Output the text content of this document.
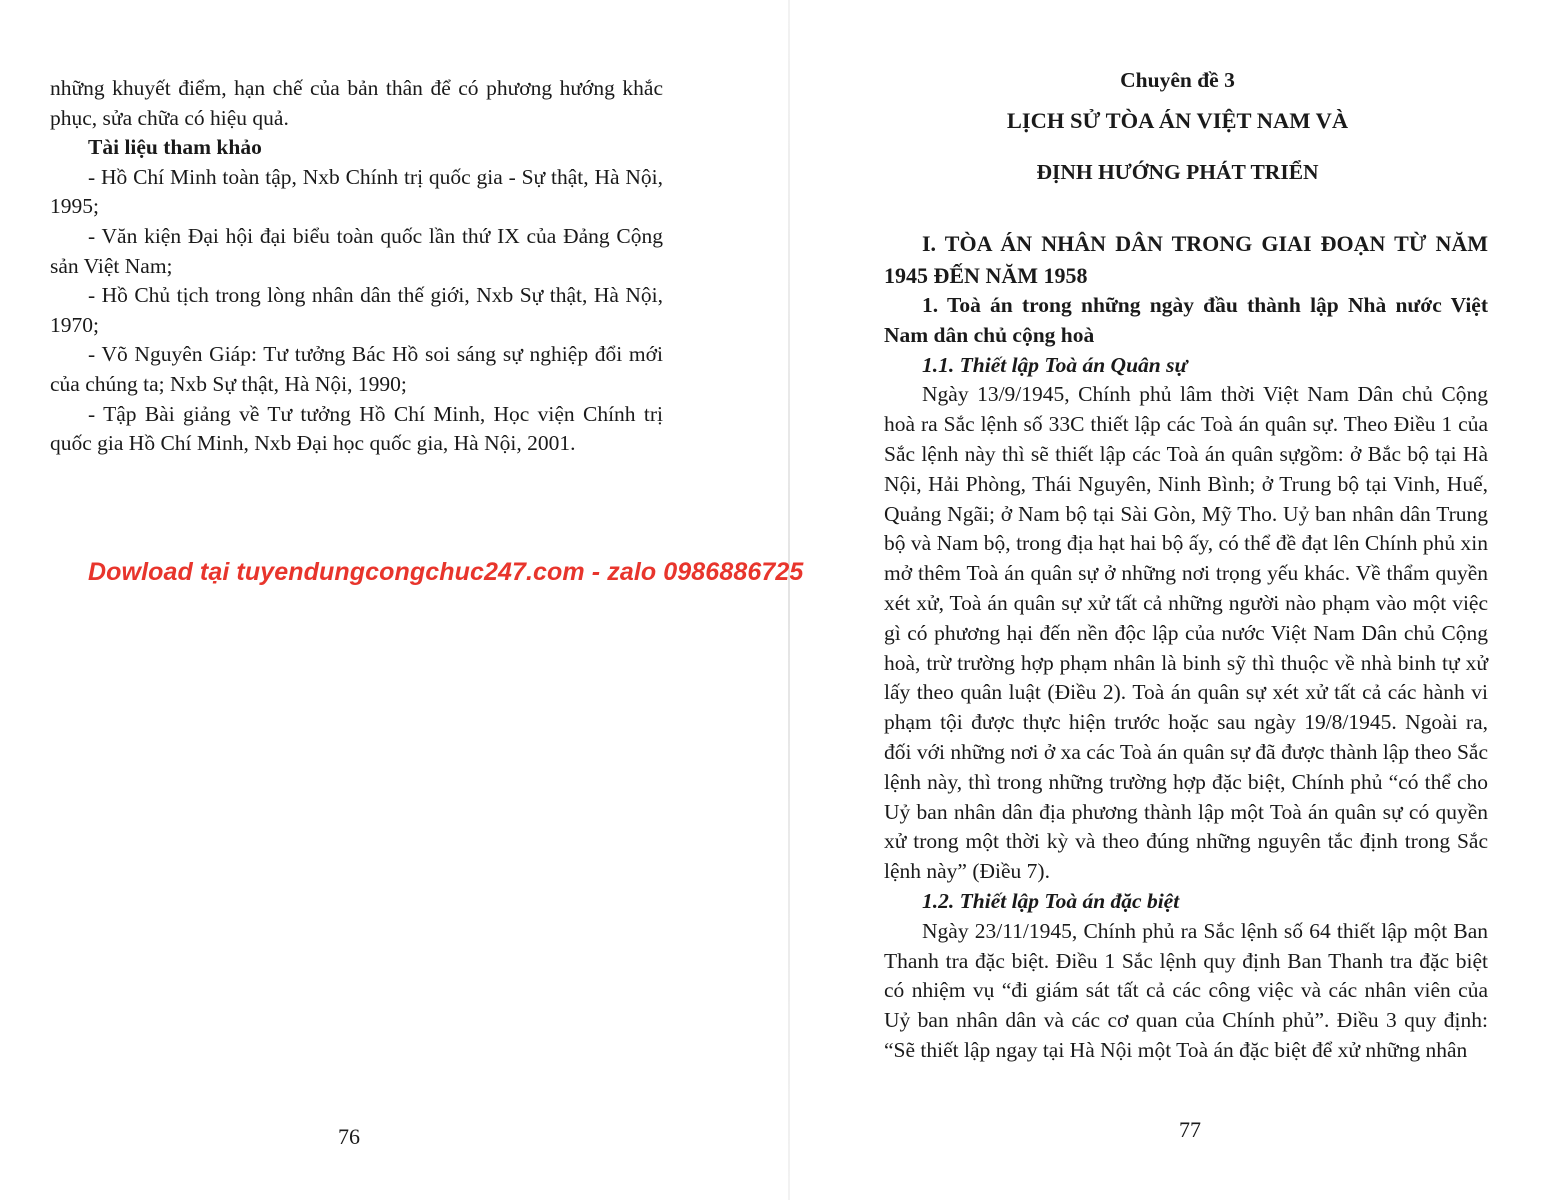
những khuyết điểm, hạn chế của bản thân để có phương hướng khắc phục, sửa chữa có hiệu quả.

Tài liệu tham khảo

- Hồ Chí Minh toàn tập, Nxb Chính trị quốc gia - Sự thật, Hà Nội, 1995;

- Văn kiện Đại hội đại biểu toàn quốc lần thứ IX của Đảng Cộng sản Việt Nam;

- Hồ Chủ tịch trong lòng nhân dân thế giới, Nxb Sự thật, Hà Nội, 1970;

- Võ Nguyên Giáp: Tư tưởng Bác Hồ soi sáng sự nghiệp đổi mới của chúng ta; Nxb Sự thật, Hà Nội, 1990;

- Tập Bài giảng về Tư tưởng Hồ Chí Minh, Học viện Chính trị quốc gia Hồ Chí Minh, Nxb Đại học quốc gia, Hà Nội, 2001.

76
Dowload tại tuyendungcongchuc247.com - zalo 0986886725
Chuyên đề 3
LỊCH SỬ TÒA ÁN VIỆT NAM VÀ
ĐỊNH HƯỚNG PHÁT TRIỂN

I. TÒA ÁN NHÂN DÂN TRONG GIAI ĐOẠN TỪ NĂM 1945 ĐẾN NĂM 1958

1. Toà án trong những ngày đầu thành lập Nhà nước Việt Nam dân chủ cộng hoà

1.1. Thiết lập Toà án Quân sự

Ngày 13/9/1945, Chính phủ lâm thời Việt Nam Dân chủ Cộng hoà ra Sắc lệnh số 33C thiết lập các Toà án quân sự. Theo Điều 1 của Sắc lệnh này thì sẽ thiết lập các Toà án quân sựgồm: ở Bắc bộ tại Hà Nội, Hải Phòng, Thái Nguyên, Ninh Bình; ở Trung bộ tại Vinh, Huế, Quảng Ngãi; ở Nam bộ tại Sài Gòn, Mỹ Tho. Uỷ ban nhân dân Trung bộ và Nam bộ, trong địa hạt hai bộ ấy, có thể đề đạt lên Chính phủ xin mở thêm Toà án quân sự ở những nơi trọng yếu khác. Về thẩm quyền xét xử, Toà án quân sự xử tất cả những người nào phạm vào một việc gì có phương hại đến nền độc lập của nước Việt Nam Dân chủ Cộng hoà, trừ trường hợp phạm nhân là binh sỹ thì thuộc về nhà binh tự xử lấy theo quân luật (Điều 2). Toà án quân sự xét xử tất cả các hành vi phạm tội được thực hiện trước hoặc sau ngày 19/8/1945. Ngoài ra, đối với những nơi ở xa các Toà án quân sự đã được thành lập theo Sắc lệnh này, thì trong những trường hợp đặc biệt, Chính phủ “có thể cho Uỷ ban nhân dân địa phương thành lập một Toà án quân sự có quyền xử trong một thời kỳ và theo đúng những nguyên tắc định trong Sắc lệnh này” (Điều 7).

1.2. Thiết lập Toà án đặc biệt

Ngày 23/11/1945, Chính phủ ra Sắc lệnh số 64 thiết lập một Ban Thanh tra đặc biệt. Điều 1 Sắc lệnh quy định Ban Thanh tra đặc biệt có nhiệm vụ “đi giám sát tất cả các công việc và các nhân viên của Uỷ ban nhân dân và các cơ quan của Chính phủ”. Điều 3 quy định: “Sẽ thiết lập ngay tại Hà Nội một Toà án đặc biệt để xử những nhân

77
